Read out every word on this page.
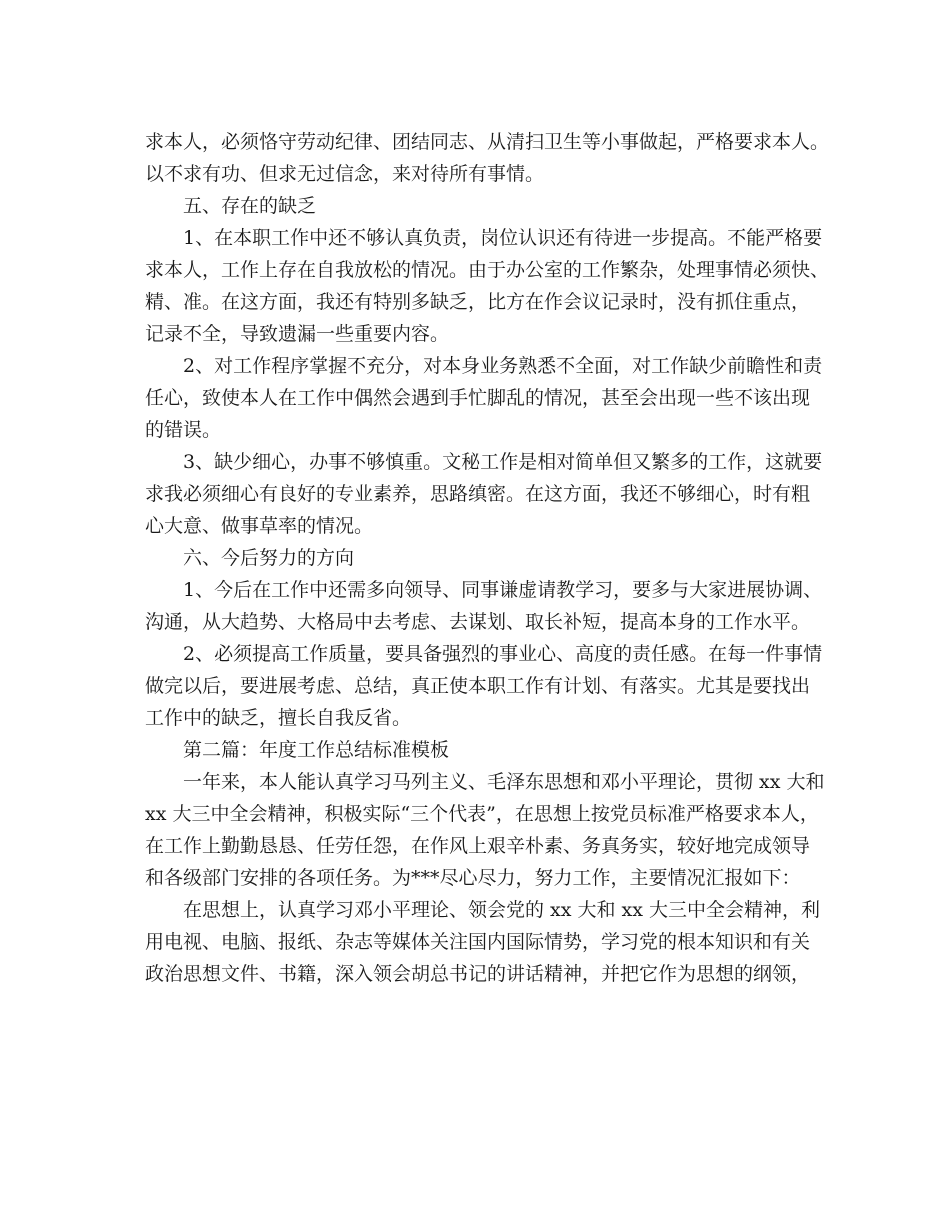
求本人，必须恪守劳动纪律、团结同志、从清扫卫生等小事做起，严格要求本人。
以不求有功、但求无过信念，来对待所有事情。
五、存在的缺乏
1、在本职工作中还不够认真负责，岗位认识还有待进一步提高。不能严格要
求本人，工作上存在自我放松的情况。由于办公室的工作繁杂，处理事情必须快、
精、准。在这方面，我还有特别多缺乏，比方在作会议记录时，没有抓住重点，
记录不全，导致遗漏一些重要内容。
2、对工作程序掌握不充分，对本身业务熟悉不全面，对工作缺少前瞻性和责
任心，致使本人在工作中偶然会遇到手忙脚乱的情况，甚至会出现一些不该出现
的错误。
3、缺少细心，办事不够慎重。文秘工作是相对简单但又繁多的工作，这就要
求我必须细心有良好的专业素养，思路缜密。在这方面，我还不够细心，时有粗
心大意、做事草率的情况。
六、今后努力的方向
1、今后在工作中还需多向领导、同事谦虚请教学习，要多与大家进展协调、
沟通，从大趋势、大格局中去考虑、去谋划、取长补短，提高本身的工作水平。
2、必须提高工作质量，要具备强烈的事业心、高度的责任感。在每一件事情
做完以后，要进展考虑、总结，真正使本职工作有计划、有落实。尤其是要找出
工作中的缺乏，擅长自我反省。
第二篇：年度工作总结标准模板
一年来，本人能认真学习马列主义、毛泽东思想和邓小平理论，贯彻 xx 大和
xx 大三中全会精神，积极实际“三个代表”，在思想上按党员标准严格要求本人，
在工作上勤勤恳恳、任劳任怨，在作风上艰辛朴素、务真务实，较好地完成领导
和各级部门安排的各项任务。为***尽心尽力，努力工作，主要情况汇报如下：
在思想上，认真学习邓小平理论、领会党的 xx 大和 xx 大三中全会精神，利
用电视、电脑、报纸、杂志等媒体关注国内国际情势，学习党的根本知识和有关
政治思想文件、书籍，深入领会胡总书记的讲话精神，并把它作为思想的纲领，
